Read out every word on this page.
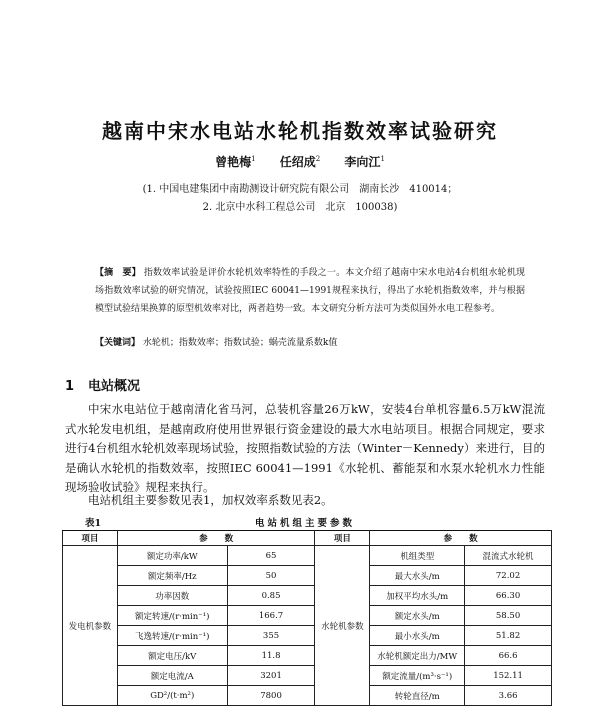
越南中宋水电站水轮机指数效率试验研究
曾艳梅$^1$ 任绍成$^2$ 李向江$^1$
(1. 中国电建集团中南勘测设计研究院有限公司　湖南长沙　410014；
2. 北京中水科工程总公司　北京　100038)
【摘　要】 指数效率试验是评价水轮机效率特性的手段之一。本文介绍了越南中宋水电站4台机组水轮机现场指数效率试验的研究情况，试验按照IEC 60041—1991规程来执行，得出了水轮机指数效率，并与根据模型试验结果换算的原型机效率对比，两者趋势一致。本文研究分析方法可为类似国外水电工程参考。
【关键词】 水轮机；指数效率；指数试验；蜗壳流量系数k值
1 电站概况
中宋水电站位于越南清化省马河，总装机容量26万kW，安装4台单机容量6.5万kW混流式水轮发电机组，是越南政府使用世界银行资金建设的最大水电站项目。根据合同规定，要求进行4台机组水轮机效率现场试验，按照指数试验的方法（Winter－Kennedy）来进行，目的是确认水轮机的指数效率，按照IEC 60041—1991《水轮机、蓄能泵和水泵水轮机水力性能现场验收试验》规程来执行。
电站机组主要参数见表1，加权效率系数见表2。
表1	电站机组主要参数
项目	参　　数		项目	参　　数	
发电机参数	额定功率/kW	65	水轮机参数	机组类型	混流式水轮机
	额定频率/Hz	50		最大水头/m	72.02
	功率因数	0.85		加权平均水头/m	66.30
	额定转速/(r·min⁻¹)	166.7		额定水头/m	58.50
	飞逸转速/(r·min⁻¹)	355		最小水头/m	51.82
	额定电压/kV	11.8		水轮机额定出力/MW	66.6
	额定电流/A	3201		额定流量/(m³·s⁻¹)	152.11
	GD²/(t·m²)	7800		转轮直径/m	3.66
